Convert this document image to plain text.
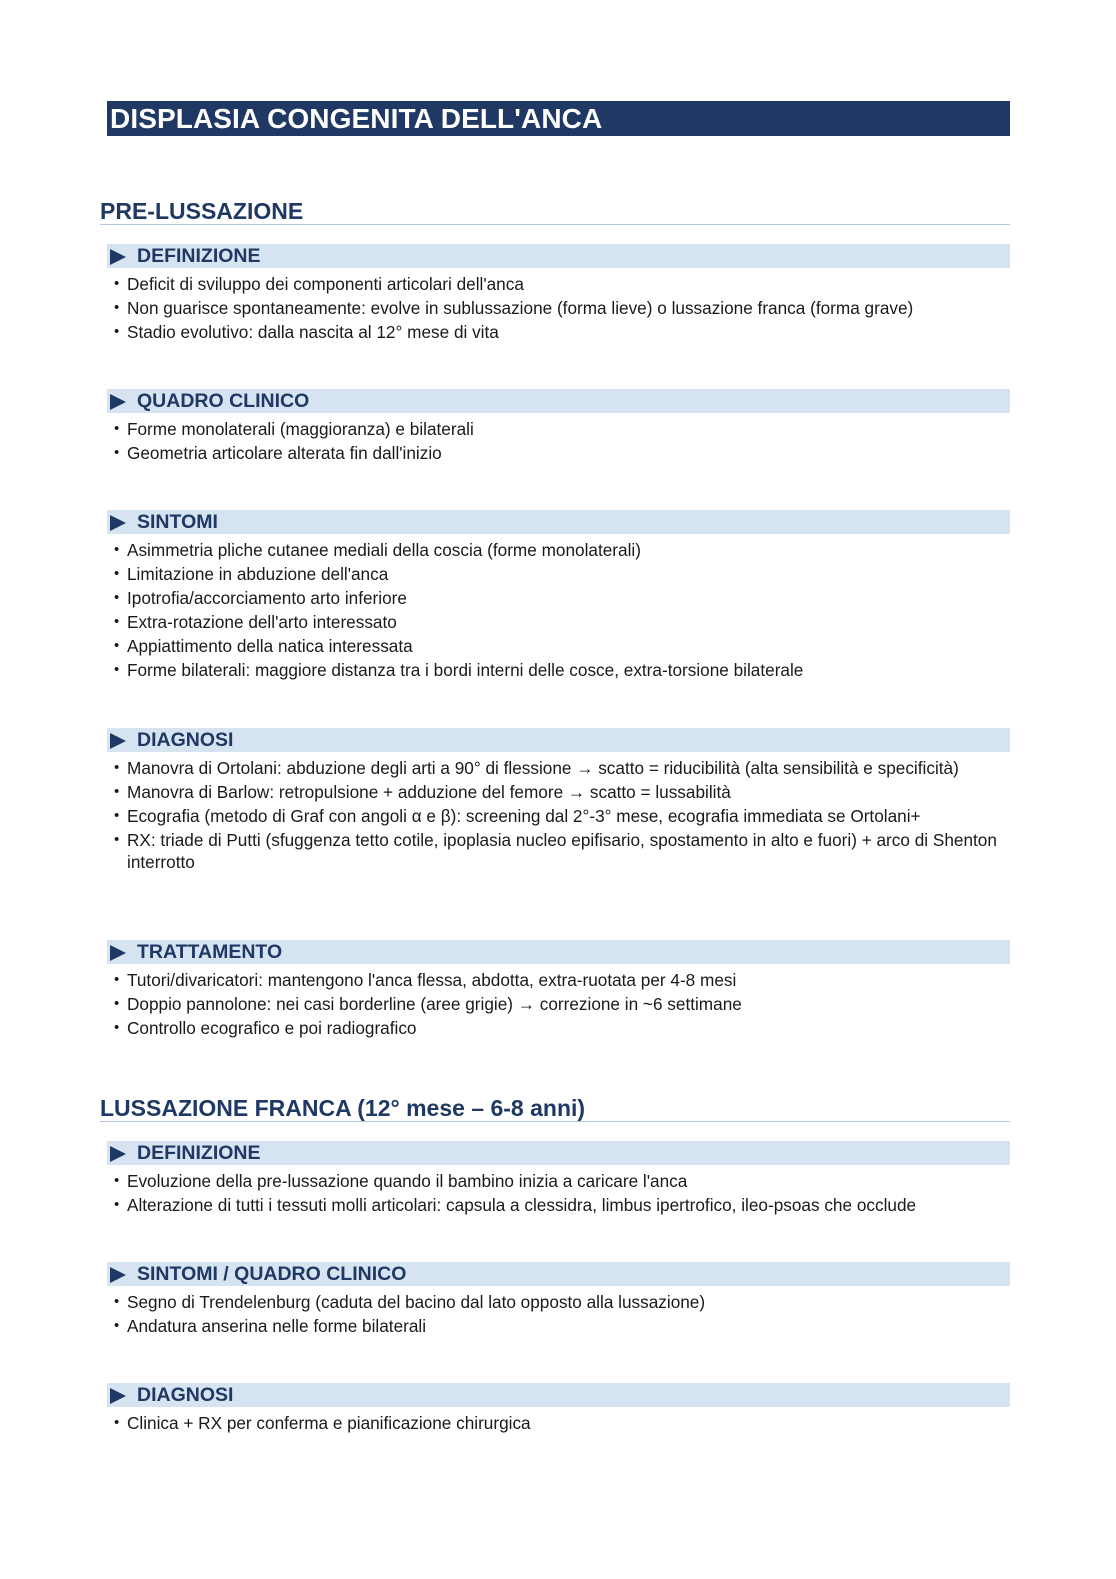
DISPLASIA CONGENITA DELL'ANCA
PRE-LUSSAZIONE
DEFINIZIONE
• Deficit di sviluppo dei componenti articolari dell'anca
• Non guarisce spontaneamente: evolve in sublussazione (forma lieve) o lussazione franca (forma grave)
• Stadio evolutivo: dalla nascita al 12° mese di vita
QUADRO CLINICO
• Forme monolaterali (maggioranza) e bilaterali
• Geometria articolare alterata fin dall'inizio
SINTOMI
• Asimmetria pliche cutanee mediali della coscia (forme monolaterali)
• Limitazione in abduzione dell'anca
• Ipotrofia/accorciamento arto inferiore
• Extra-rotazione dell'arto interessato
• Appiattimento della natica interessata
• Forme bilaterali: maggiore distanza tra i bordi interni delle cosce, extra-torsione bilaterale
DIAGNOSI
• Manovra di Ortolani: abduzione degli arti a 90° di flessione → scatto = riducibilità (alta sensibilità e specificità)
• Manovra di Barlow: retropulsione + adduzione del femore → scatto = lussabilità
• Ecografia (metodo di Graf con angoli α e β): screening dal 2°-3° mese, ecografia immediata se Ortolani+
• RX: triade di Putti (sfuggenza tetto cotile, ipoplasia nucleo epifisario, spostamento in alto e fuori) + arco di Shenton interrotto
TRATTAMENTO
• Tutori/divaricatori: mantengono l'anca flessa, abdotta, extra-ruotata per 4-8 mesi
• Doppio pannolone: nei casi borderline (aree grigie) → correzione in ~6 settimane
• Controllo ecografico e poi radiografico
LUSSAZIONE FRANCA (12° mese – 6-8 anni)
DEFINIZIONE
• Evoluzione della pre-lussazione quando il bambino inizia a caricare l'anca
• Alterazione di tutti i tessuti molli articolari: capsula a clessidra, limbus ipertrofico, ileo-psoas che occlude
SINTOMI / QUADRO CLINICO
• Segno di Trendelenburg (caduta del bacino dal lato opposto alla lussazione)
• Andatura anserina nelle forme bilaterali
DIAGNOSI
• Clinica + RX per conferma e pianificazione chirurgica
